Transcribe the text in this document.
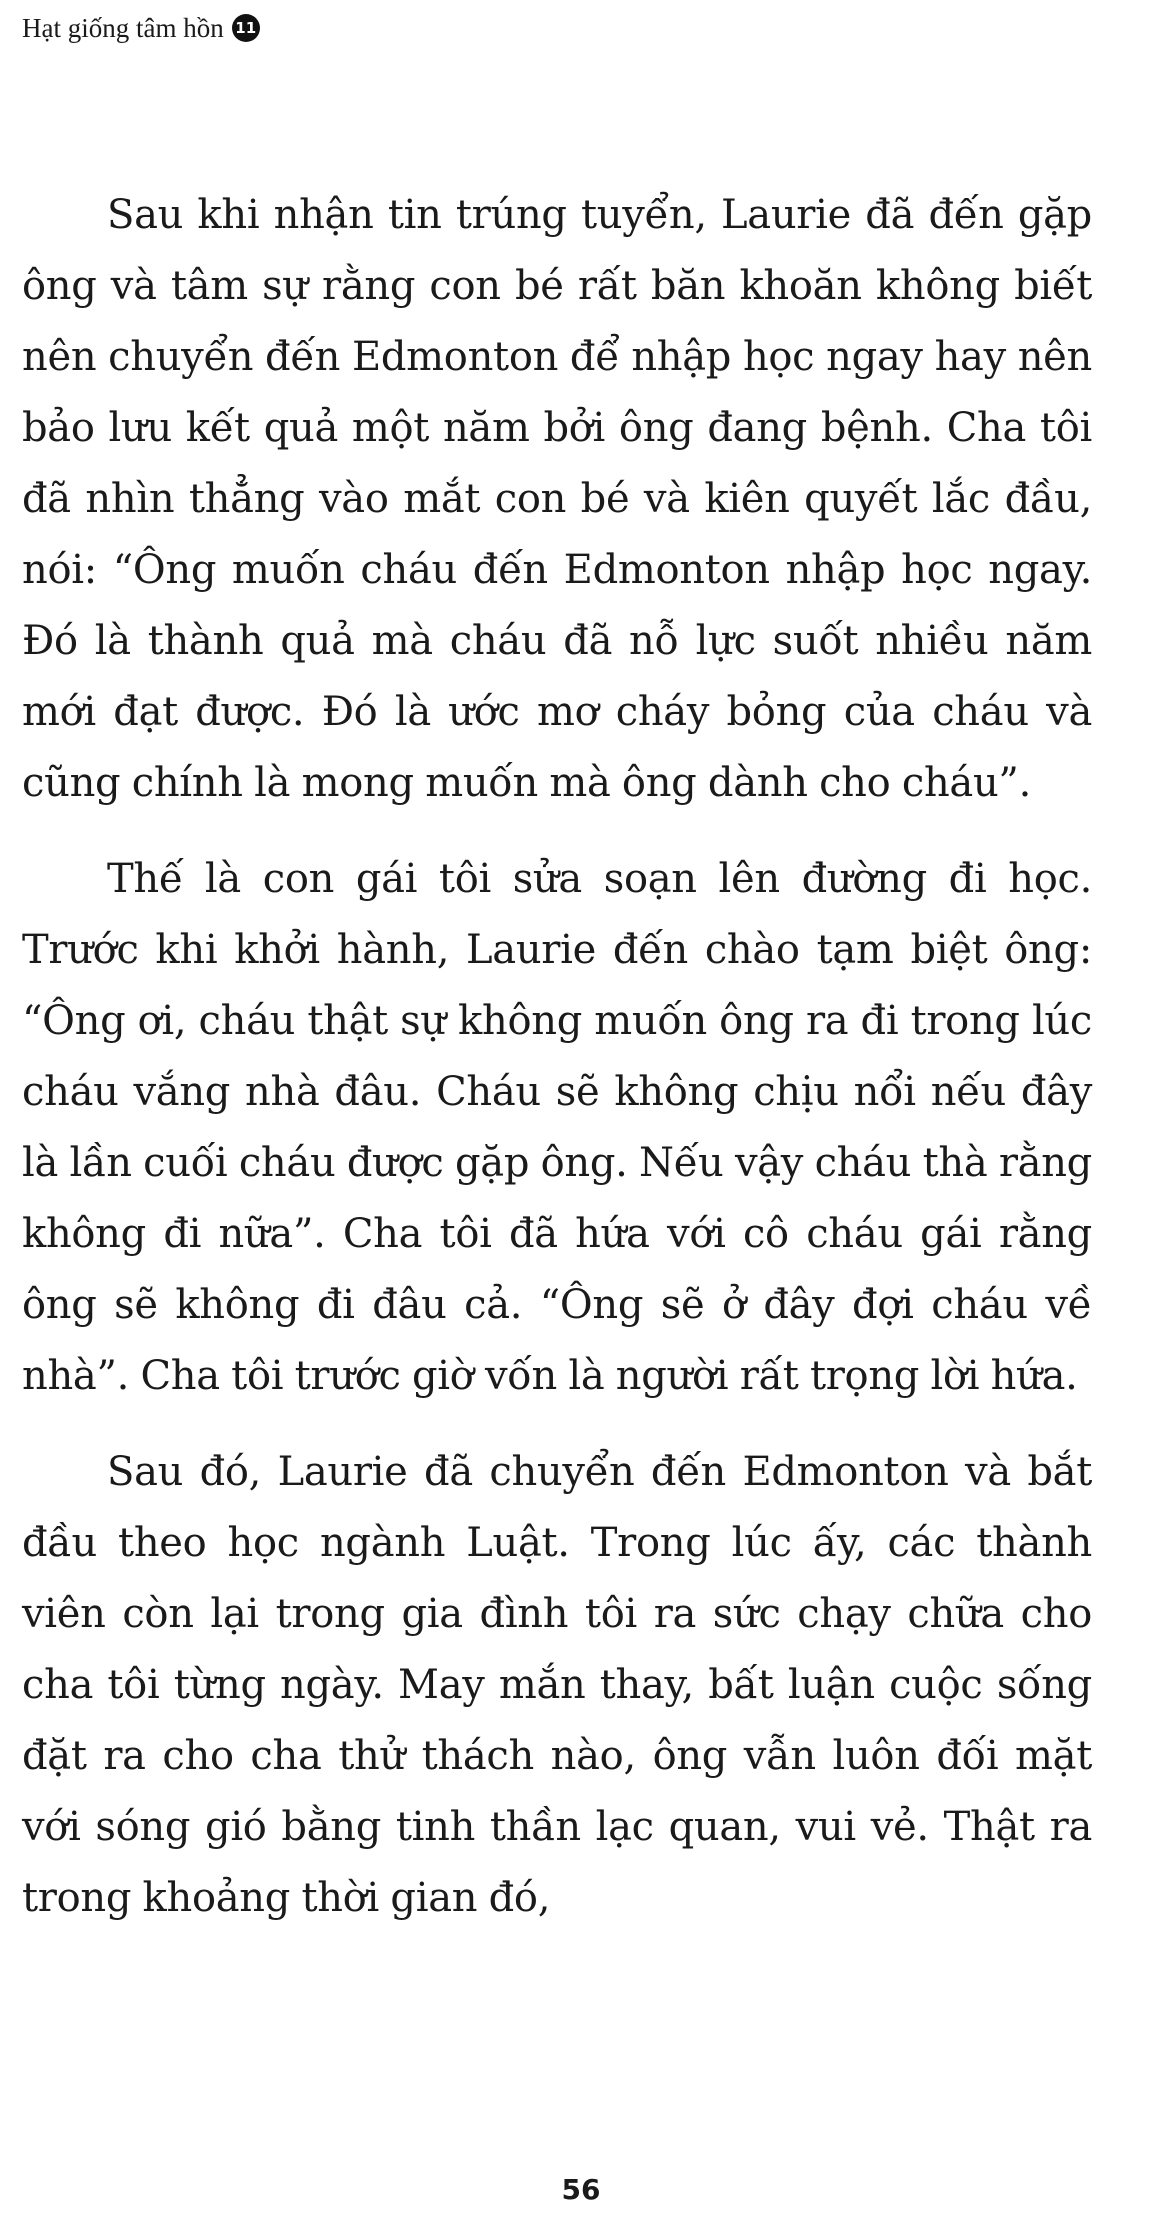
Hạt giống tâm hồn 11

Sau khi nhận tin trúng tuyển, Laurie đã đến gặp ông và tâm sự rằng con bé rất băn khoăn không biết nên chuyển đến Edmonton để nhập học ngay hay nên bảo lưu kết quả một năm bởi ông đang bệnh. Cha tôi đã nhìn thẳng vào mắt con bé và kiên quyết lắc đầu, nói: “Ông muốn cháu đến Edmonton nhập học ngay. Đó là thành quả mà cháu đã nỗ lực suốt nhiều năm mới đạt được. Đó là ước mơ cháy bỏng của cháu và cũng chính là mong muốn mà ông dành cho cháu”.

Thế là con gái tôi sửa soạn lên đường đi học. Trước khi khởi hành, Laurie đến chào tạm biệt ông: “Ông ơi, cháu thật sự không muốn ông ra đi trong lúc cháu vắng nhà đâu. Cháu sẽ không chịu nổi nếu đây là lần cuối cháu được gặp ông. Nếu vậy cháu thà rằng không đi nữa”. Cha tôi đã hứa với cô cháu gái rằng ông sẽ không đi đâu cả. “Ông sẽ ở đây đợi cháu về nhà”. Cha tôi trước giờ vốn là người rất trọng lời hứa.

Sau đó, Laurie đã chuyển đến Edmonton và bắt đầu theo học ngành Luật. Trong lúc ấy, các thành viên còn lại trong gia đình tôi ra sức chạy chữa cho cha tôi từng ngày. May mắn thay, bất luận cuộc sống đặt ra cho cha thử thách nào, ông vẫn luôn đối mặt với sóng gió bằng tinh thần lạc quan, vui vẻ. Thật ra trong khoảng thời gian đó,

56
